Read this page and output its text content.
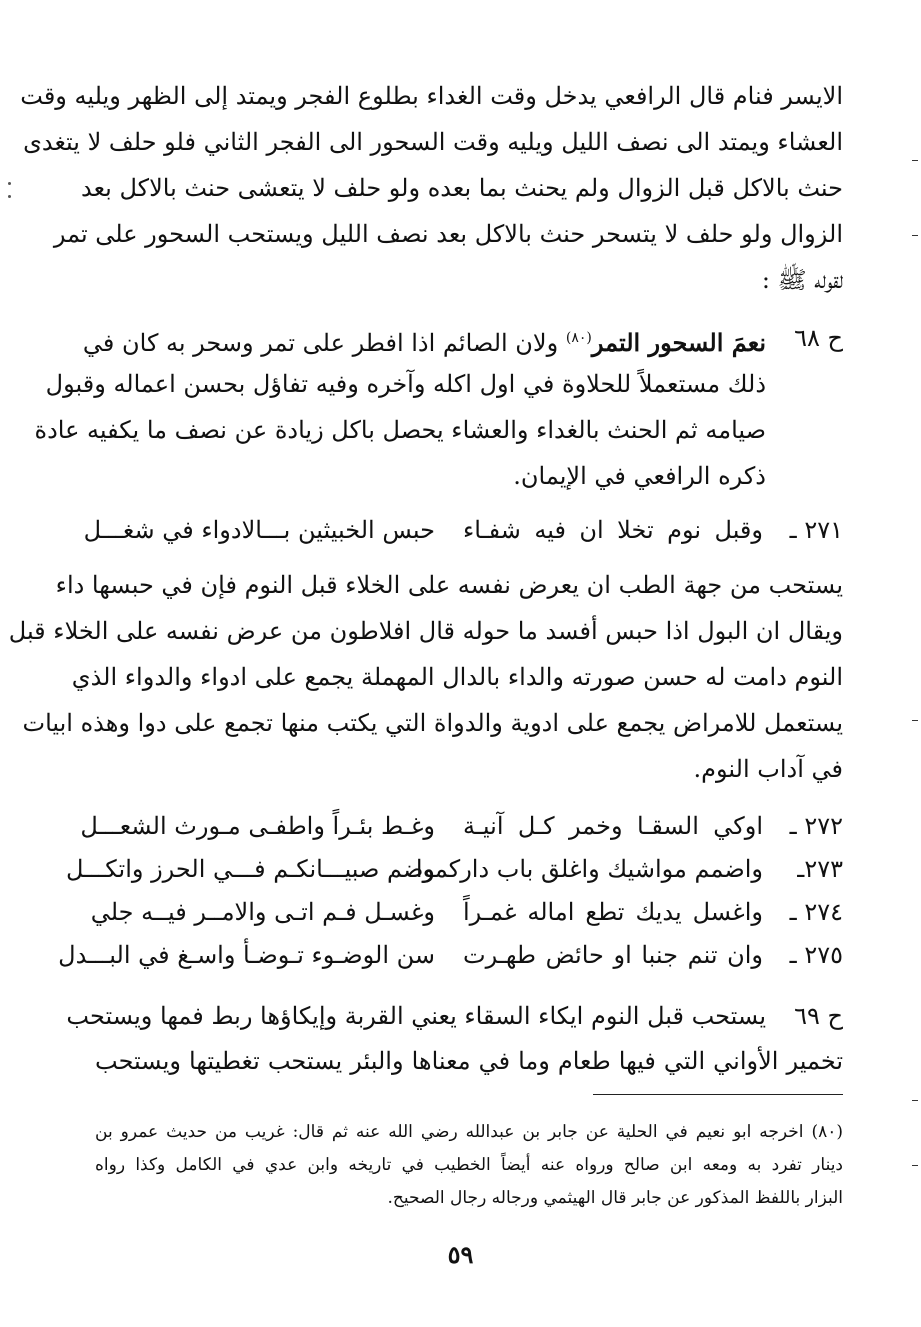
الايسر فنام قال الرافعي يدخل وقت الغداء بطلوع الفجر ويمتد إلى الظهر ويليه وقت
العشاء ويمتد الى نصف الليل ويليه وقت السحور الى الفجر الثاني فلو حلف لا يتغدى
حنث بالاكل قبل الزوال ولم يحنث بما بعده ولو حلف لا يتعشى حنث بالاكل بعد
الزوال ولو حلف لا يتسحر حنث بالاكل بعد نصف الليل ويستحب السحور على تمر
لقوله ﷺ :
ح ٦٨
نعمَ السحور التمر$^{(٨٠)}$ ولان الصائم اذا افطر على تمر وسحر به كان في
ذلك مستعملاً للحلاوة في اول اكله وآخره وفيه تفاؤل بحسن اعماله وقبول
صيامه ثم الحنث بالغداء والعشاء يحصل باكل زيادة عن نصف ما يكفيه عادة
ذكره الرافعي في الإيمان.
٢٧١ ـ
وقبل نوم تخلا ان فيه شفـاء
حبس الخبيثين بـــالادواء في شغـــل
يستحب من جهة الطب ان يعرض نفسه على الخلاء قبل النوم فإن في حبسها داء
ويقال ان البول اذا حبس أفسد ما حوله قال افلاطون من عرض نفسه على الخلاء قبل
النوم دامت له حسن صورته والداء بالدال المهملة يجمع على ادواء والدواء الذي
يستعمل للامراض يجمع على ادوية والدواة التي يكتب منها تجمع على دوا وهذه ابيات
في آداب النوم.
٢٧٢ ـ
اوكي السقـا وخمر كـل آنيـة
وغـط بئـراً واطفـى مـورث الشعـــل
٢٧٣ـ
واضمم مواشيك واغلق باب داركموا
وضم صبيـــانكـم فـــي الحرز واتكـــل
٢٧٤ ـ
واغسل يديك تطع اماله غمـراً
وغسـل فـم اتـى والامــر فيــه جلي
٢٧٥ ـ
وان تنم جنبا او حائض طهـرت
سن الوضـوء تـوضـأ واسـغ في البـــدل
ح ٦٩
يستحب قبل النوم ايكاء السقاء يعني القربة وإيكاؤها ربط فمها ويستحب
تخمير الأواني التي فيها طعام وما في معناها والبئر يستحب تغطيتها ويستحب
(٨٠) اخرجه ابو نعيم في الحلية عن جابر بن عبدالله رضي الله عنه ثم قال: غريب من حديث عمرو بن
دينار تفرد به ومعه ابن صالح ورواه عنه أيضاً الخطيب في تاريخه وابن عدي في الكامل وكذا رواه
البزار باللفظ المذكور عن جابر قال الهيثمي ورجاله رجال الصحيح.
٥٩
